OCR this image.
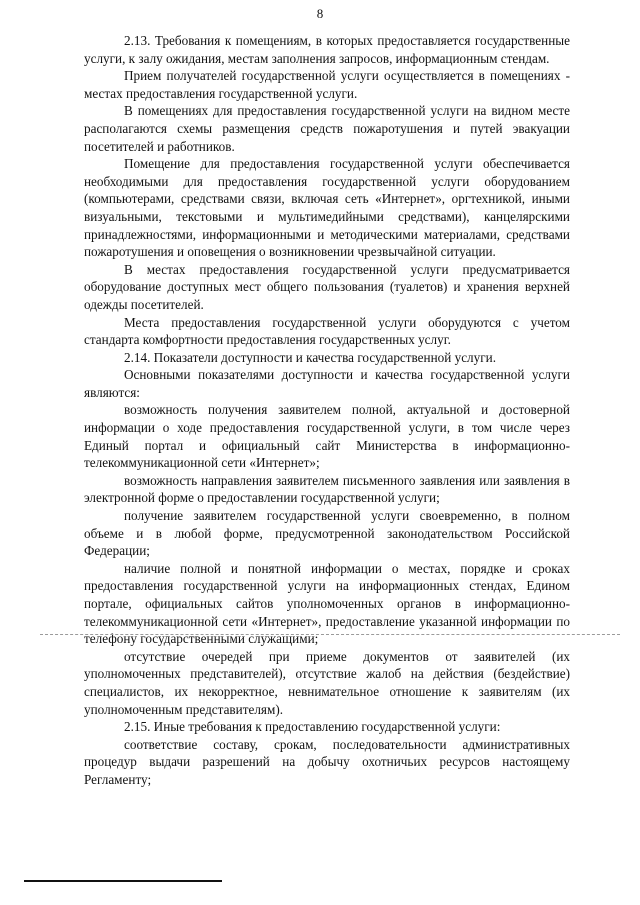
8

2.13. Требования к помещениям, в которых предоставляется государственные услуги, к залу ожидания, местам заполнения запросов, информационным стендам.

Прием получателей государственной услуги осуществляется в помещениях - местах предоставления государственной услуги.

В помещениях для предоставления государственной услуги на видном месте располагаются схемы размещения средств пожаротушения и путей эвакуации посетителей и работников.

Помещение для предоставления государственной услуги обеспечивается необходимыми для предоставления государственной услуги оборудованием (компьютерами, средствами связи, включая сеть «Интернет», оргтехникой, иными визуальными, текстовыми и мультимедийными средствами), канцелярскими принадлежностями, информационными и методическими материалами, средствами пожаротушения и оповещения о возникновении чрезвычайной ситуации.

В местах предоставления государственной услуги предусматривается оборудование доступных мест общего пользования (туалетов) и хранения верхней одежды посетителей.

Места предоставления государственной услуги оборудуются с учетом стандарта комфортности предоставления государственных услуг.

2.14. Показатели доступности и качества государственной услуги.

Основными показателями доступности и качества государственной услуги являются:

возможность получения заявителем полной, актуальной и достоверной информации о ходе предоставления государственной услуги, в том числе через Единый портал и официальный сайт Министерства в информационно-телекоммуникационной сети «Интернет»;

возможность направления заявителем письменного заявления или заявления в электронной форме о предоставлении государственной услуги;

получение заявителем государственной услуги своевременно, в полном объеме и в любой форме, предусмотренной законодательством Российской Федерации;

наличие полной и понятной информации о местах, порядке и сроках предоставления государственной услуги на информационных стендах, Едином портале, официальных сайтов уполномоченных органов в информационно-телекоммуникационной сети «Интернет», предоставление указанной информации по телефону государственными служащими;

отсутствие очередей при приеме документов от заявителей (их уполномоченных представителей), отсутствие жалоб на действия (бездействие) специалистов, их некорректное, невнимательное отношение к заявителям (их уполномоченным представителям).

2.15. Иные требования к предоставлению государственной услуги:

соответствие составу, срокам, последовательности административных процедур выдачи разрешений на добычу охотничьих ресурсов настоящему Регламенту;
